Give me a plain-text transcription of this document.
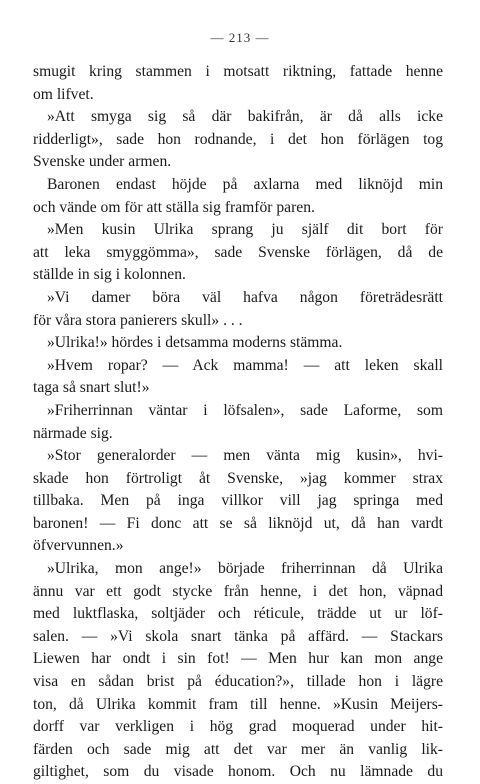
— 213 —
smugit kring stammen i motsatt riktning, fattade henne
om lifvet.
»Att smyga sig så där bakifrån, är då alls icke
ridderligt», sade hon rodnande, i det hon förlägen tog
Svenske under armen.
Baronen endast höjde på axlarna med liknöjd min
och vände om för att ställa sig framför paren.
»Men kusin Ulrika sprang ju själf dit bort för
att leka smyggömma», sade Svenske förlägen, då de
ställde in sig i kolonnen.
»Vi damer böra väl hafva någon företrädesrätt
för våra stora panierers skull» . . .
»Ulrika!» hördes i detsamma moderns stämma.
»Hvem ropar? — Ack mamma! — att leken skall
taga så snart slut!»
»Friherrinnan väntar i löfsalen», sade Laforme, som
närmade sig.
»Stor generalorder — men vänta mig kusin», hvi-
skade hon förtroligt åt Svenske, »jag kommer strax
tillbaka. Men på inga villkor vill jag springa med
baronen! — Fi donc att se så liknöjd ut, då han vardt
öfvervunnen.»
»Ulrika, mon ange!» började friherrinnan då Ulrika
ännu var ett godt stycke från henne, i det hon, väpnad
med luktflaska, soltjäder och réticule, trädde ut ur löf-
salen. — »Vi skola snart tänka på affärd. — Stackars
Liewen har ondt i sin fot! — Men hur kan mon ange
visa en sådan brist på éducation?», tillade hon i lägre
ton, då Ulrika kommit fram till henne. »Kusin Meijers-
dorff var verkligen i hög grad moquerad under hit-
färden och sade mig att det var mer än vanlig lik-
giltighet, som du visade honom. Och nu lämnade du
